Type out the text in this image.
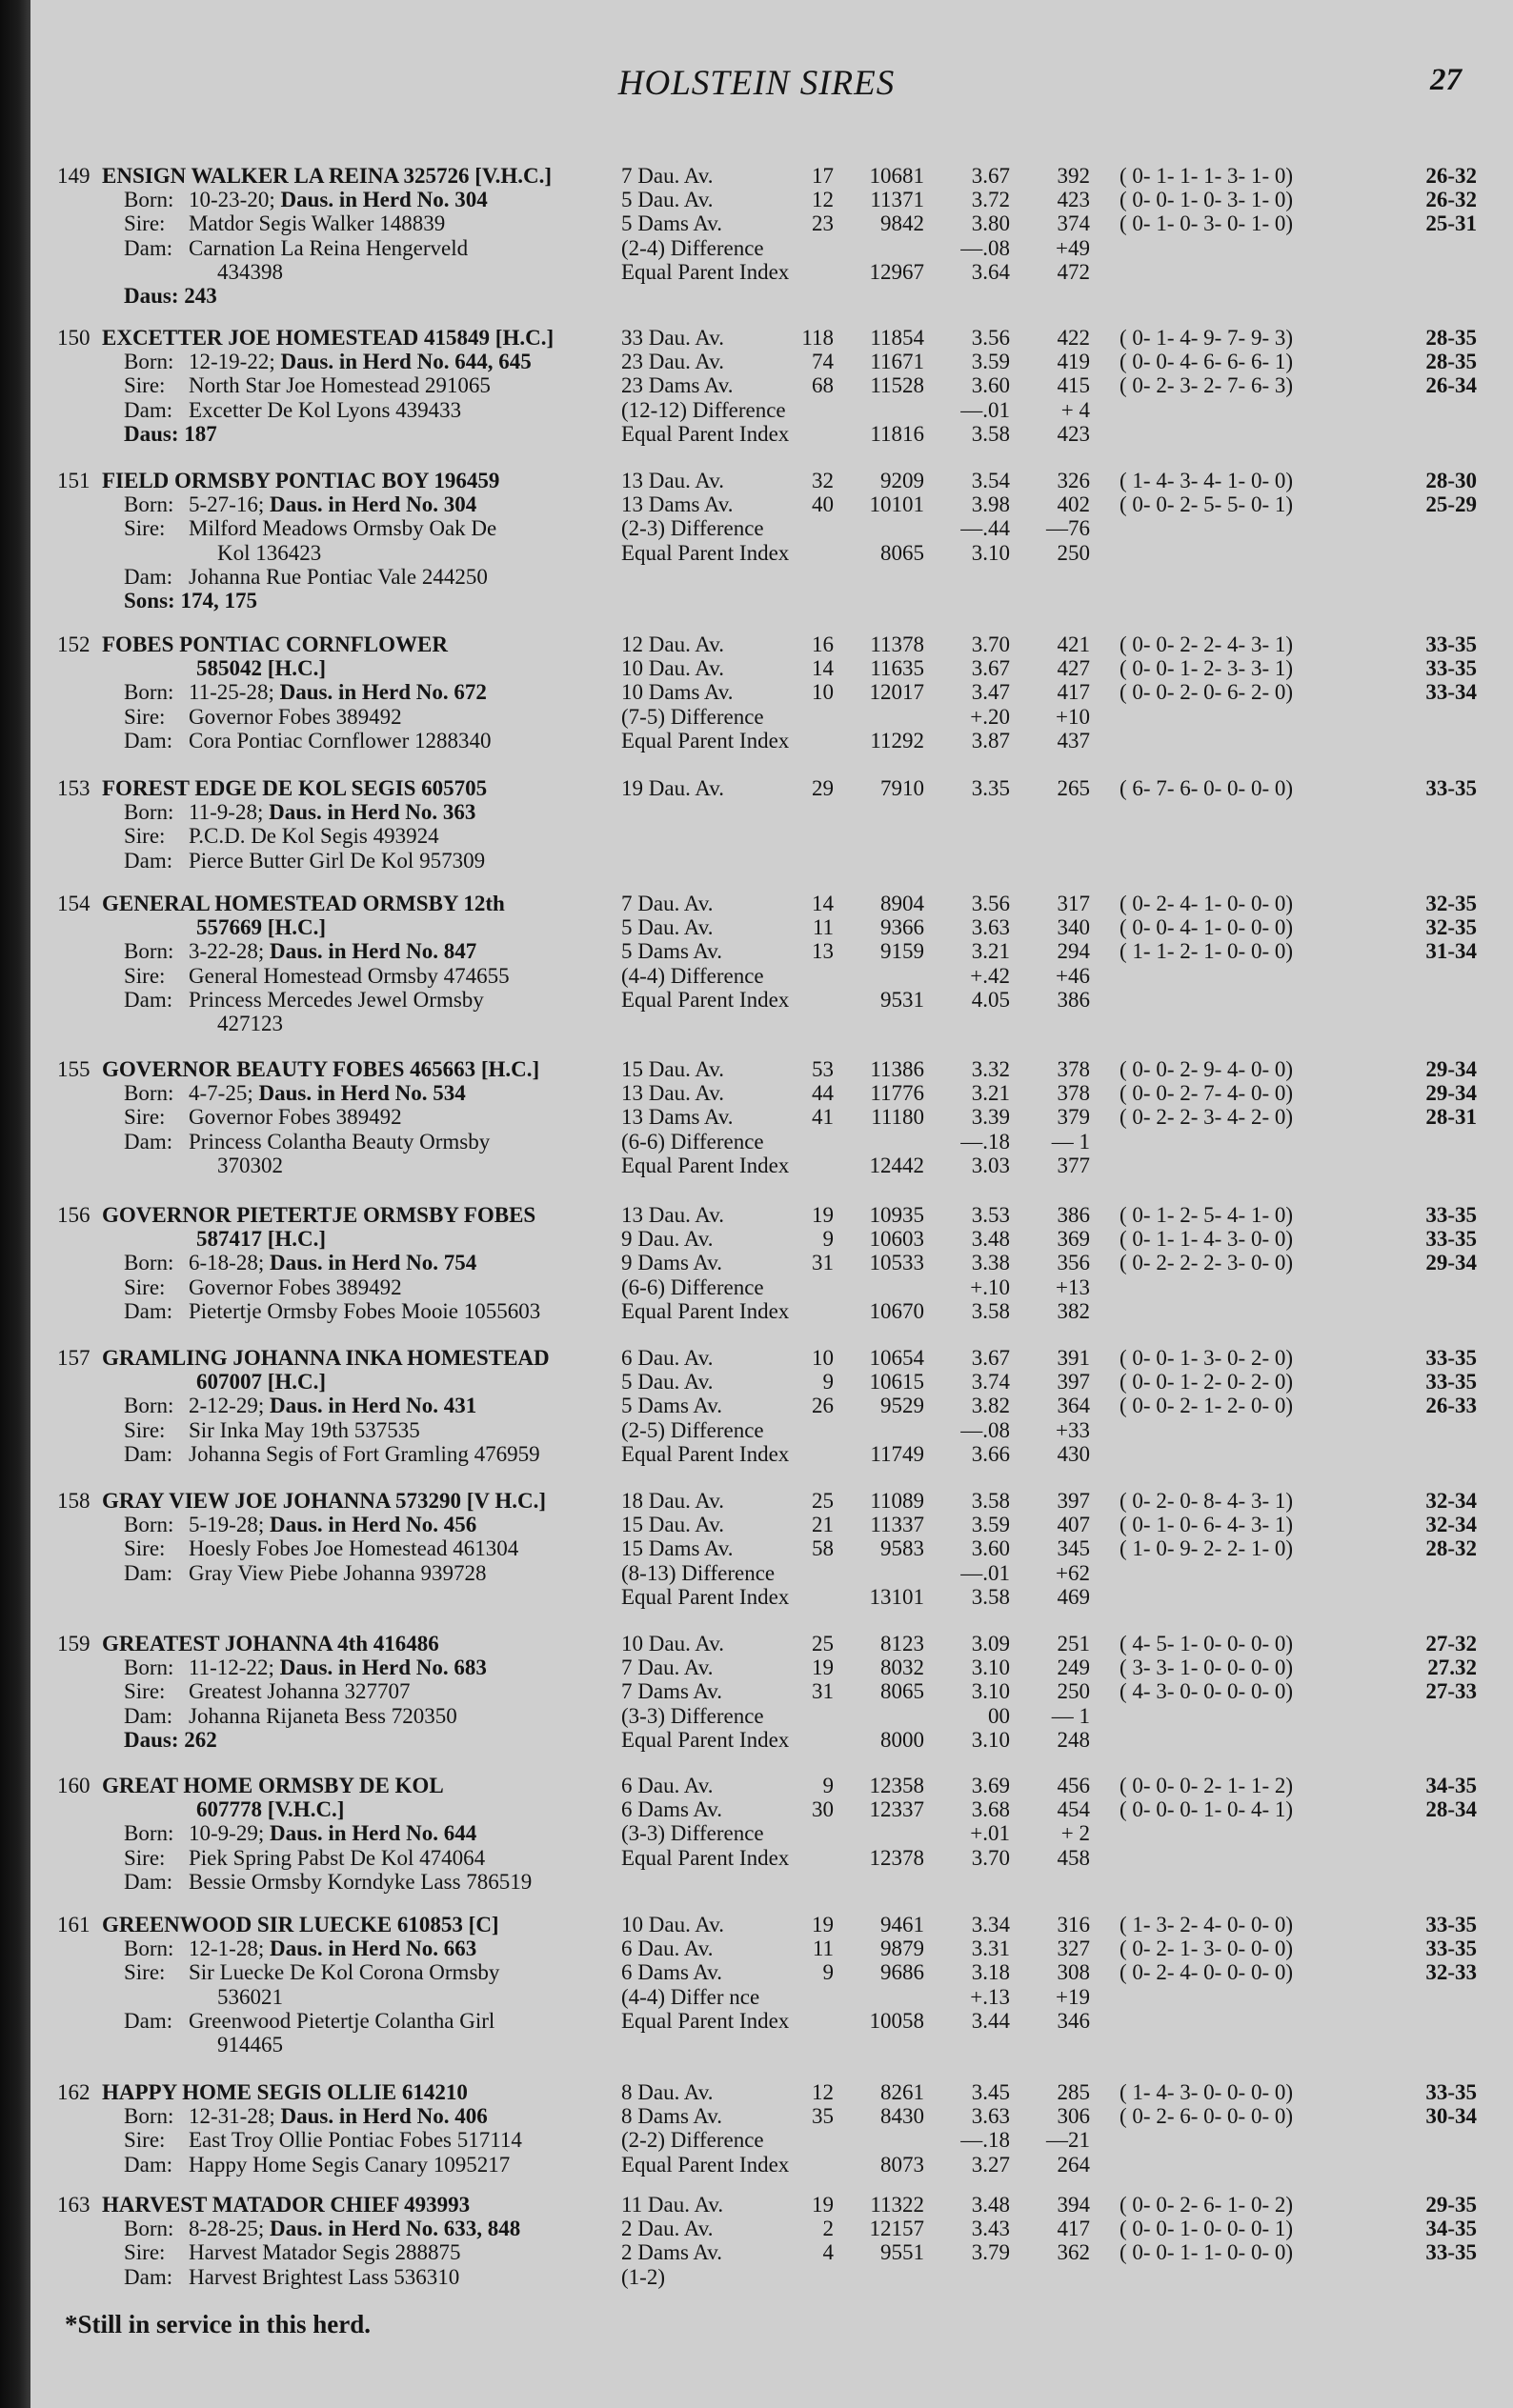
HOLSTEIN SIRES	27
149 ENSIGN WALKER LA REINA 325726 [V.H.C.]
Born: 10-23-20; Daus. in Herd No. 304
Sire: Matdor Segis Walker 148839
Dam: Carnation La Reina Hengerveld
434398
Daus: 243
7 Dau. Av.	17	10681	3.67	392 ( 0- 1- 1- 1- 3- 1- 0)	26-32
5 Dau. Av.	12	11371	3.72	423 ( 0- 0- 1- 0- 3- 1- 0)	26-32
5 Dams Av.	23	9842	3.80	374 ( 0- 1- 0- 3- 0- 1- 0)	25-31
(2-4) Difference	—.08	+49
Equal Parent Index	12967	3.64	472
150 EXCETTER JOE HOMESTEAD 415849 [H.C.]
Born: 12-19-22; Daus. in Herd No. 644, 645
Sire: North Star Joe Homestead 291065
Dam: Excetter De Kol Lyons 439433
Daus: 187
33 Dau. Av.	118	11854	3.56	422 ( 0- 1- 4- 9- 7- 9- 3)	28-35
23 Dau. Av.	74	11671	3.59	419 ( 0- 0- 4- 6- 6- 6- 1)	28-35
23 Dams Av.	68	11528	3.60	415 ( 0- 2- 3- 2- 7- 6- 3)	26-34
(12-12) Difference	—.01	+ 4
Equal Parent Index	11816	3.58	423
151 FIELD ORMSBY PONTIAC BOY 196459
Born: 5-27-16; Daus. in Herd No. 304
Sire: Milford Meadows Ormsby Oak De
Kol 136423
Dam: Johanna Rue Pontiac Vale 244250
Sons: 174, 175
13 Dau. Av.	32	9209	3.54	326 ( 1- 4- 3- 4- 1- 0- 0)	28-30
13 Dams Av.	40	10101	3.98	402 ( 0- 0- 2- 5- 5- 0- 1)	25-29
(2-3) Difference	—.44	—76
Equal Parent Index	8065	3.10	250
152 FOBES PONTIAC CORNFLOWER
585042 [H.C.]
Born: 11-25-28; Daus. in Herd No. 672
Sire: Governor Fobes 389492
Dam: Cora Pontiac Cornflower 1288340
12 Dau. Av.	16	11378	3.70	421 ( 0- 0- 2- 2- 4- 3- 1)	33-35
10 Dau. Av.	14	11635	3.67	427 ( 0- 0- 1- 2- 3- 3- 1)	33-35
10 Dams Av.	10	12017	3.47	417 ( 0- 0- 2- 0- 6- 2- 0)	33-34
(7-5) Difference	+.20	+10
Equal Parent Index	11292	3.87	437
153 FOREST EDGE DE KOL SEGIS 605705
Born: 11-9-28; Daus. in Herd No. 363
Sire: P.C.D. De Kol Segis 493924
Dam: Pierce Butter Girl De Kol 957309
19 Dau. Av.	29	7910	3.35	265 ( 6- 7- 6- 0- 0- 0- 0)	33-35
154 GENERAL HOMESTEAD ORMSBY 12th
557669 [H.C.]
Born: 3-22-28; Daus. in Herd No. 847
Sire: General Homestead Ormsby 474655
Dam: Princess Mercedes Jewel Ormsby
427123
7 Dau. Av.	14	8904	3.56	317 ( 0- 2- 4- 1- 0- 0- 0)	32-35
5 Dau. Av.	11	9366	3.63	340 ( 0- 0- 4- 1- 0- 0- 0)	32-35
5 Dams Av.	13	9159	3.21	294 ( 1- 1- 2- 1- 0- 0- 0)	31-34
(4-4) Difference	+.42	+46
Equal Parent Index	9531	4.05	386
155 GOVERNOR BEAUTY FOBES 465663 [H.C.]
Born: 4-7-25; Daus. in Herd No. 534
Sire: Governor Fobes 389492
Dam: Princess Colantha Beauty Ormsby
370302
15 Dau. Av.	53	11386	3.32	378 ( 0- 0- 2- 9- 4- 0- 0)	29-34
13 Dau. Av.	44	11776	3.21	378 ( 0- 0- 2- 7- 4- 0- 0)	29-34
13 Dams Av.	41	11180	3.39	379 ( 0- 2- 2- 3- 4- 2- 0)	28-31
(6-6) Difference	—.18	— 1
Equal Parent Index	12442	3.03	377
156 GOVERNOR PIETERTJE ORMSBY FOBES
587417 [H.C.]
Born: 6-18-28; Daus. in Herd No. 754
Sire: Governor Fobes 389492
Dam: Pietertje Ormsby Fobes Mooie 1055603
13 Dau. Av.	19	10935	3.53	386 ( 0- 1- 2- 5- 4- 1- 0)	33-35
9 Dau. Av.	9	10603	3.48	369 ( 0- 1- 1- 4- 3- 0- 0)	33-35
9 Dams Av.	31	10533	3.38	356 ( 0- 2- 2- 2- 3- 0- 0)	29-34
(6-6) Difference	+.10	+13
Equal Parent Index	10670	3.58	382
157 GRAMLING JOHANNA INKA HOMESTEAD
607007 [H.C.]
Born: 2-12-29; Daus. in Herd No. 431
Sire: Sir Inka May 19th 537535
Dam: Johanna Segis of Fort Gramling 476959
6 Dau. Av.	10	10654	3.67	391 ( 0- 0- 1- 3- 0- 2- 0)	33-35
5 Dau. Av.	9	10615	3.74	397 ( 0- 0- 1- 2- 0- 2- 0)	33-35
5 Dams Av.	26	9529	3.82	364 ( 0- 0- 2- 1- 2- 0- 0)	26-33
(2-5) Difference	—.08	+33
Equal Parent Index	11749	3.66	430
158 GRAY VIEW JOE JOHANNA 573290 [V H.C.]
Born: 5-19-28; Daus. in Herd No. 456
Sire: Hoesly Fobes Joe Homestead 461304
Dam: Gray View Piebe Johanna 939728
18 Dau. Av.	25	11089	3.58	397 ( 0- 2- 0- 8- 4- 3- 1)	32-34
15 Dau. Av.	21	11337	3.59	407 ( 0- 1- 0- 6- 4- 3- 1)	32-34
15 Dams Av.	58	9583	3.60	345 ( 1- 0- 9- 2- 2- 1- 0)	28-32
(8-13) Difference	—.01	+62
Equal Parent Index	13101	3.58	469
159 GREATEST JOHANNA 4th 416486
Born: 11-12-22; Daus. in Herd No. 683
Sire: Greatest Johanna 327707
Dam: Johanna Rijaneta Bess 720350
Daus: 262
10 Dau. Av.	25	8123	3.09	251 ( 4- 5- 1- 0- 0- 0- 0)	27-32
7 Dau. Av.	19	8032	3.10	249 ( 3- 3- 1- 0- 0- 0- 0)	27.32
7 Dams Av.	31	8065	3.10	250 ( 4- 3- 0- 0- 0- 0- 0)	27-33
(3-3) Difference	00	— 1
Equal Parent Index	8000	3.10	248
160 GREAT HOME ORMSBY DE KOL
607778 [V.H.C.]
Born: 10-9-29; Daus. in Herd No. 644
Sire: Piek Spring Pabst De Kol 474064
Dam: Bessie Ormsby Korndyke Lass 786519
6 Dau. Av.	9	12358	3.69	456 ( 0- 0- 0- 2- 1- 1- 2)	34-35
6 Dams Av.	30	12337	3.68	454 ( 0- 0- 0- 1- 0- 4- 1)	28-34
(3-3) Difference	+.01	+ 2
Equal Parent Index	12378	3.70	458
161 GREENWOOD SIR LUECKE 610853 [C]
Born: 12-1-28; Daus. in Herd No. 663
Sire: Sir Luecke De Kol Corona Ormsby
536021
Dam: Greenwood Pietertje Colantha Girl
914465
10 Dau. Av.	19	9461	3.34	316 ( 1- 3- 2- 4- 0- 0- 0)	33-35
6 Dau. Av.	11	9879	3.31	327 ( 0- 2- 1- 3- 0- 0- 0)	33-35
6 Dams Av.	9	9686	3.18	308 ( 0- 2- 4- 0- 0- 0- 0)	32-33
(4-4) Differ nce	+.13	+19
Equal Parent Index	10058	3.44	346
162 HAPPY HOME SEGIS OLLIE 614210
Born: 12-31-28; Daus. in Herd No. 406
Sire: East Troy Ollie Pontiac Fobes 517114
Dam: Happy Home Segis Canary 1095217
8 Dau. Av.	12	8261	3.45	285 ( 1- 4- 3- 0- 0- 0- 0)	33-35
8 Dams Av.	35	8430	3.63	306 ( 0- 2- 6- 0- 0- 0- 0)	30-34
(2-2) Difference	—.18	—21
Equal Parent Index	8073	3.27	264
163 HARVEST MATADOR CHIEF 493993
Born: 8-28-25; Daus. in Herd No. 633, 848
Sire: Harvest Matador Segis 288875
Dam: Harvest Brightest Lass 536310
11 Dau. Av.	19	11322	3.48	394 ( 0- 0- 2- 6- 1- 0- 2)	29-35
2 Dau. Av.	2	12157	3.43	417 ( 0- 0- 1- 0- 0- 0- 1)	34-35
2 Dams Av.	4	9551	3.79	362 ( 0- 0- 1- 1- 0- 0- 0)	33-35
(1-2)
*Still in service in this herd.
